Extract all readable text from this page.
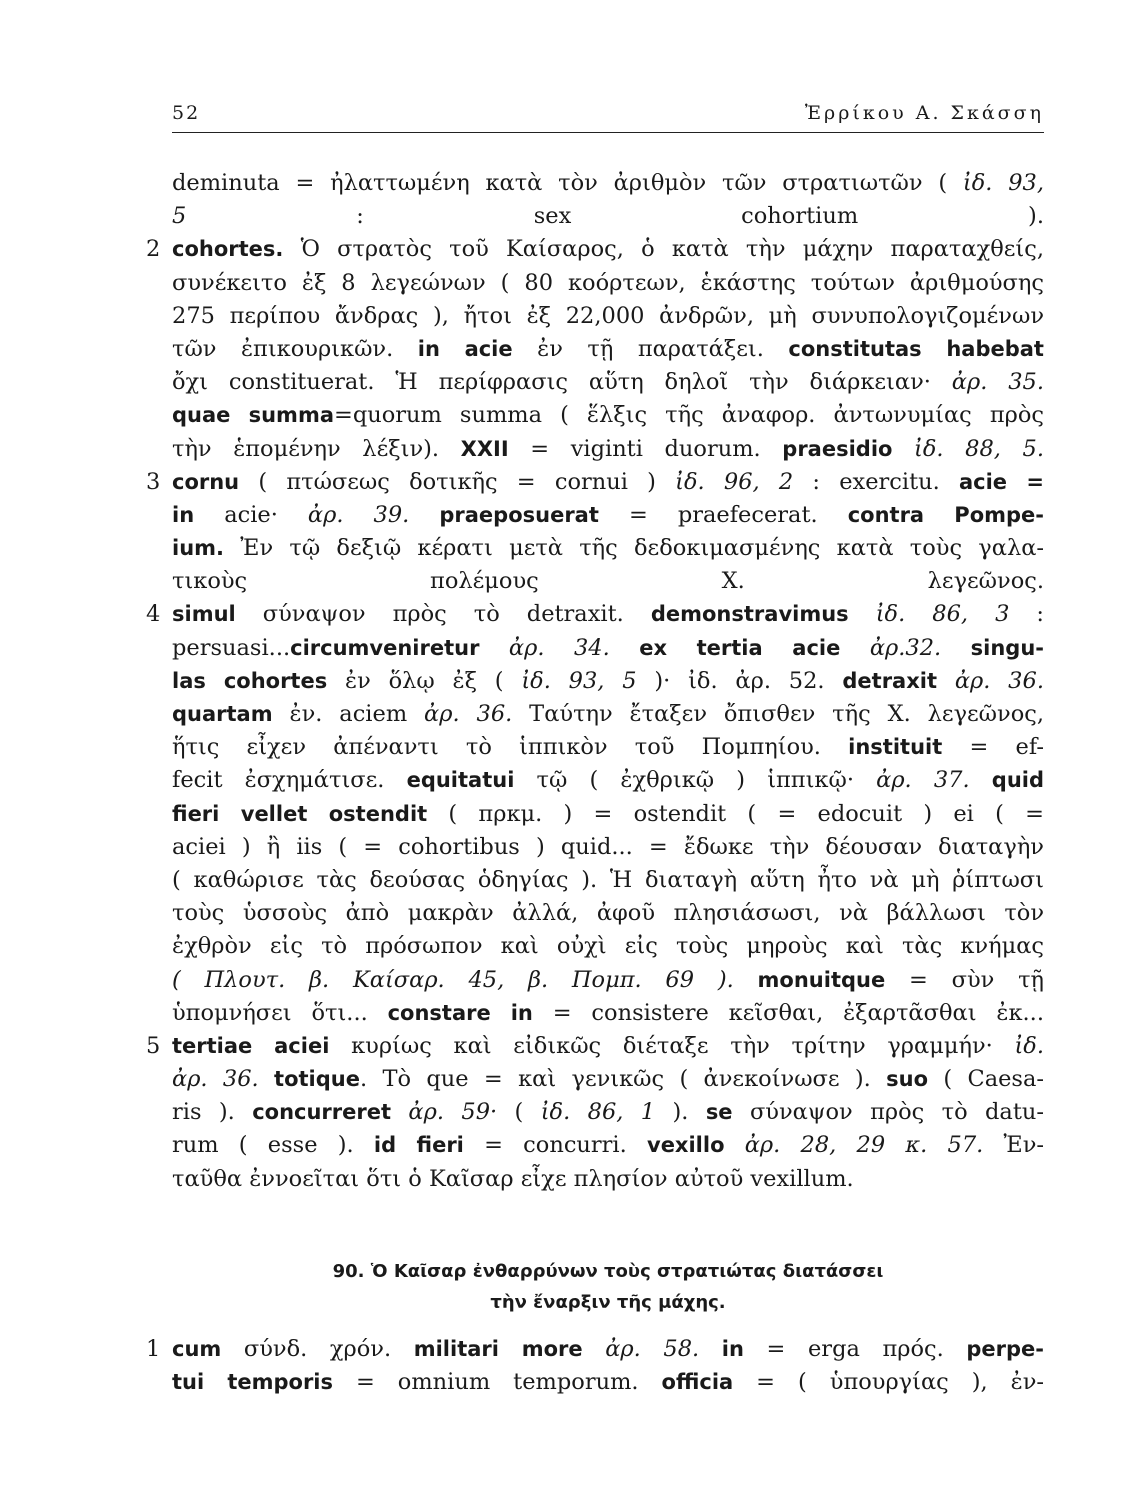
52	Ἐρρίκου Α. Σκάσση
deminuta = ἠλαττωμένη κατὰ τὸν ἀριθμὸν τῶν στρατιωτῶν ( ἰδ. 93,
5 : sex cohortium ).
2 cohortes. Ὁ στρατὸς τοῦ Καίσαρος, ὁ κατὰ τὴν μάχην παραταχθείς,
συνέκειτο ἐξ 8 λεγεώνων ( 80 κοόρτεων, ἑκάστης τούτων ἀριθμούσης
275 περίπου ἄνδρας ), ἤτοι ἐξ 22,000 ἀνδρῶν, μὴ συνυπολογιζομένων
τῶν ἐπικουρικῶν. in acie ἐν τῇ παρατάξει. constitutas habebat
ὄχι constituerat. Ἡ περίφρασις αὕτη δηλοῖ τὴν διάρκειαν· ἀρ. 35.
quae summa=quorum summa ( ἕλξις τῆς ἀναφορ. ἀντωνυμίας πρὸς
τὴν ἑπομένην λέξιν). XXII = viginti duorum. praesidio ἰδ. 88, 5.
3 cornu ( πτώσεως δοτικῆς = cornui ) ἰδ. 96, 2 : exercitu. acie =
in acie· ἀρ. 39. praeposuerat = praefecerat. contra Pompe-
ium. Ἐν τῷ δεξιῷ κέρατι μετὰ τῆς δεδοκιμασμένης κατὰ τοὺς γαλα-
τικοὺς πολέμους X. λεγεῶνος.
4 simul σύναψον πρὸς τὸ detraxit. demonstravimus ἰδ. 86, 3 :
persuasi...circumveniretur ἀρ. 34. ex tertia acie ἀρ.32. singu-
las cohortes ἐν ὅλῳ ἐξ ( ἰδ. 93, 5 )· ἰδ. ἀρ. 52. detraxit ἀρ. 36.
quartam ἐν. aciem ἀρ. 36. Ταύτην ἔταξεν ὄπισθεν τῆς X. λεγεῶνος,
ἥτις εἶχεν ἀπέναντι τὸ ἱππικὸν τοῦ Πομπηίου. instituit = ef-
fecit ἐσχημάτισε. equitatui τῷ ( ἐχθρικῷ ) ἱππικῷ· ἀρ. 37. quid
fieri vellet ostendit ( πρκμ. ) = ostendit ( = edocuit ) ei ( =
aciei ) ἢ iis ( = cohortibus ) quid... = ἔδωκε τὴν δέουσαν διαταγὴν
( καθώρισε τὰς δεούσας ὁδηγίας ). Ἡ διαταγὴ αὕτη ἦτο νὰ μὴ ῥίπτωσι
τοὺς ὑσσοὺς ἀπὸ μακρὰν ἀλλά, ἀφοῦ πλησιάσωσι, νὰ βάλλωσι τὸν
ἐχθρὸν εἰς τὸ πρόσωπον καὶ οὐχὶ εἰς τοὺς μηροὺς καὶ τὰς κνήμας
( Πλουτ. β. Καίσαρ. 45, β. Πομπ. 69 ). monuitque = σὺν τῇ
ὑπομνήσει ὅτι... constare in = consistere κεῖσθαι, ἐξαρτᾶσθαι ἐκ...
5 tertiae aciei κυρίως καὶ εἰδικῶς διέταξε τὴν τρίτην γραμμήν· ἰδ.
ἀρ. 36. totique. Τὸ que = καὶ γενικῶς ( ἀνεκοίνωσε ). suo ( Caesa-
ris ). concurreret ἀρ. 59· ( ἰδ. 86, 1 ). se σύναψον πρὸς τὸ datu-
rum ( esse ). id fieri = concurri. vexillo ἀρ. 28, 29 κ. 57. Ἐν-
ταῦθα ἐννοεῖται ὅτι ὁ Καῖσαρ εἶχε πλησίον αὐτοῦ vexillum.
90. Ὁ Καῖσαρ ἐνθαρρύνων τοὺς στρατιώτας διατάσσει
τὴν ἔναρξιν τῆς μάχης.
1 cum σύνδ. χρόν. militari more ἀρ. 58. in = erga πρός. perpe-
tui temporis = omnium temporum. officia = ( ὑπουργίας ), ἐν-
